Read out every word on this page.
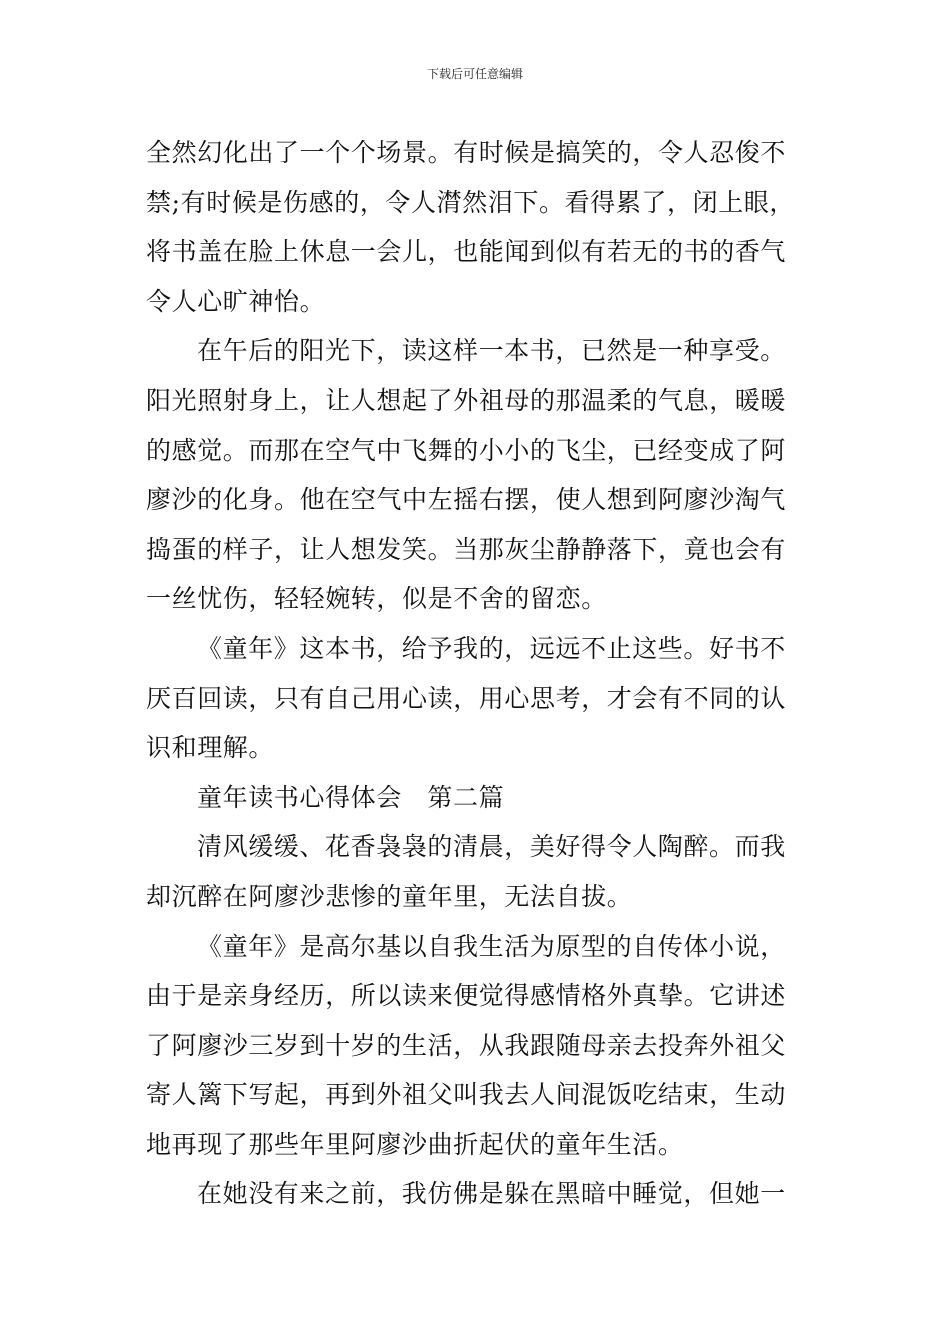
下载后可任意编辑
全然幻化出了一个个场景。有时候是搞笑的，令人忍俊不
禁;有时候是伤感的，令人潸然泪下。看得累了，闭上眼，
将书盖在脸上休息一会儿，也能闻到似有若无的书的香气
令人心旷神怡。
在午后的阳光下，读这样一本书，已然是一种享受。
阳光照射身上，让人想起了外祖母的那温柔的气息，暖暖
的感觉。而那在空气中飞舞的小小的飞尘，已经变成了阿
廖沙的化身。他在空气中左摇右摆，使人想到阿廖沙淘气
捣蛋的样子，让人想发笑。当那灰尘静静落下，竟也会有
一丝忧伤，轻轻婉转，似是不舍的留恋。
《童年》这本书，给予我的，远远不止这些。好书不
厌百回读，只有自己用心读，用心思考，才会有不同的认
识和理解。
童年读书心得体会　第二篇
清风缓缓、花香袅袅的清晨，美好得令人陶醉。而我
却沉醉在阿廖沙悲惨的童年里，无法自拔。
《童年》是高尔基以自我生活为原型的自传体小说，
由于是亲身经历，所以读来便觉得感情格外真挚。它讲述
了阿廖沙三岁到十岁的生活，从我跟随母亲去投奔外祖父
寄人篱下写起，再到外祖父叫我去人间混饭吃结束，生动
地再现了那些年里阿廖沙曲折起伏的童年生活。
在她没有来之前，我仿佛是躲在黑暗中睡觉，但她一
